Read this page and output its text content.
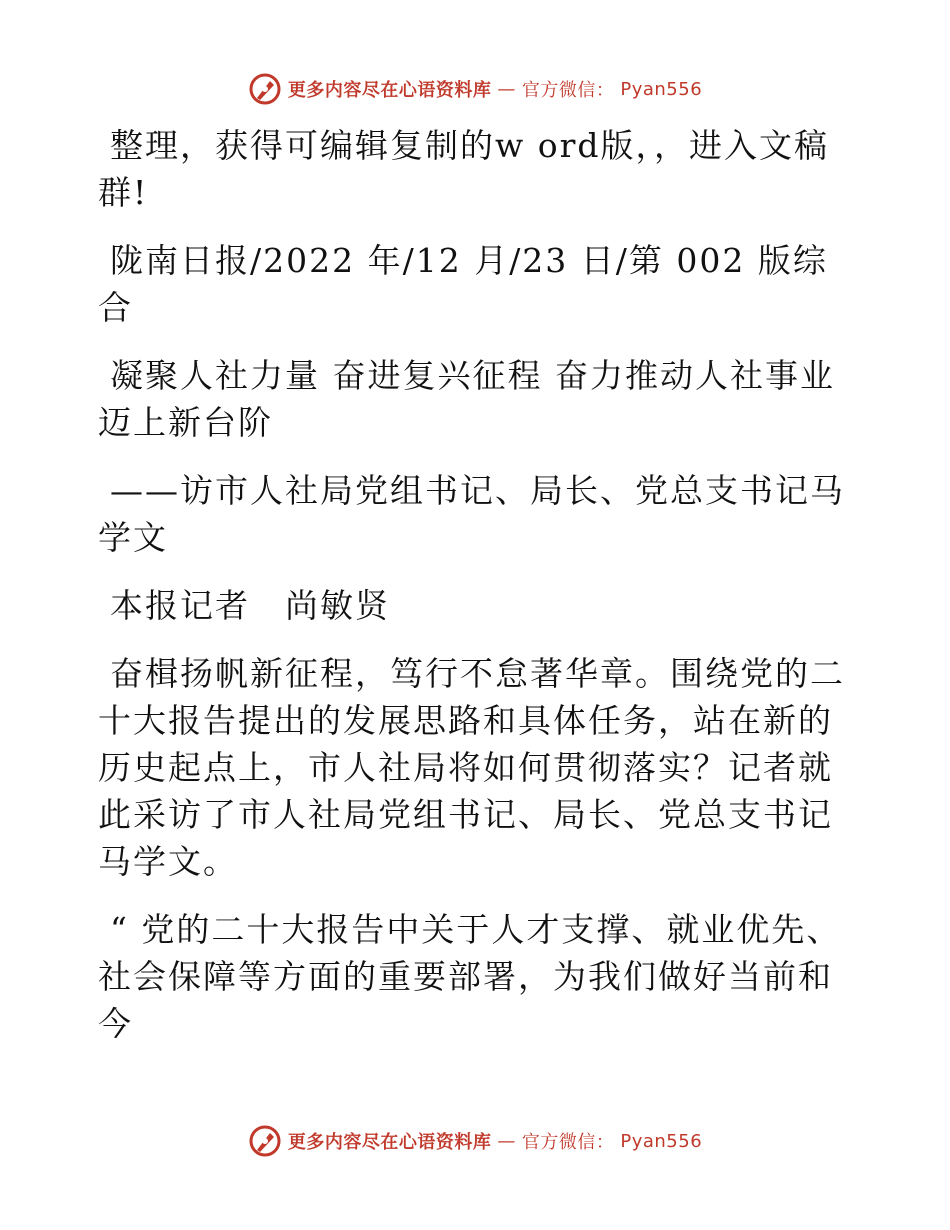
更多内容尽在心语资料库 — 官方微信： Pyan556

整理，获得可编辑复制的w ord版，，进入文稿群!

陇南日报/2022 年/12 月/23 日/第 002 版综合

凝聚人社力量 奋进复兴征程 奋力推动人社事业迈上新台阶

——访市人社局党组书记、局长、党总支书记马学文

本报记者　尚敏贤

奋楫扬帆新征程，笃行不怠著华章。围绕党的二十大报告提出的发展思路和具体任务，站在新的历史起点上，市人社局将如何贯彻落实？记者就此采访了市人社局党组书记、局长、党总支书记马学文。

“ 党的二十大报告中关于人才支撑、就业优先、社会保障等方面的重要部署，为我们做好当前和今

更多内容尽在心语资料库 — 官方微信： Pyan556
